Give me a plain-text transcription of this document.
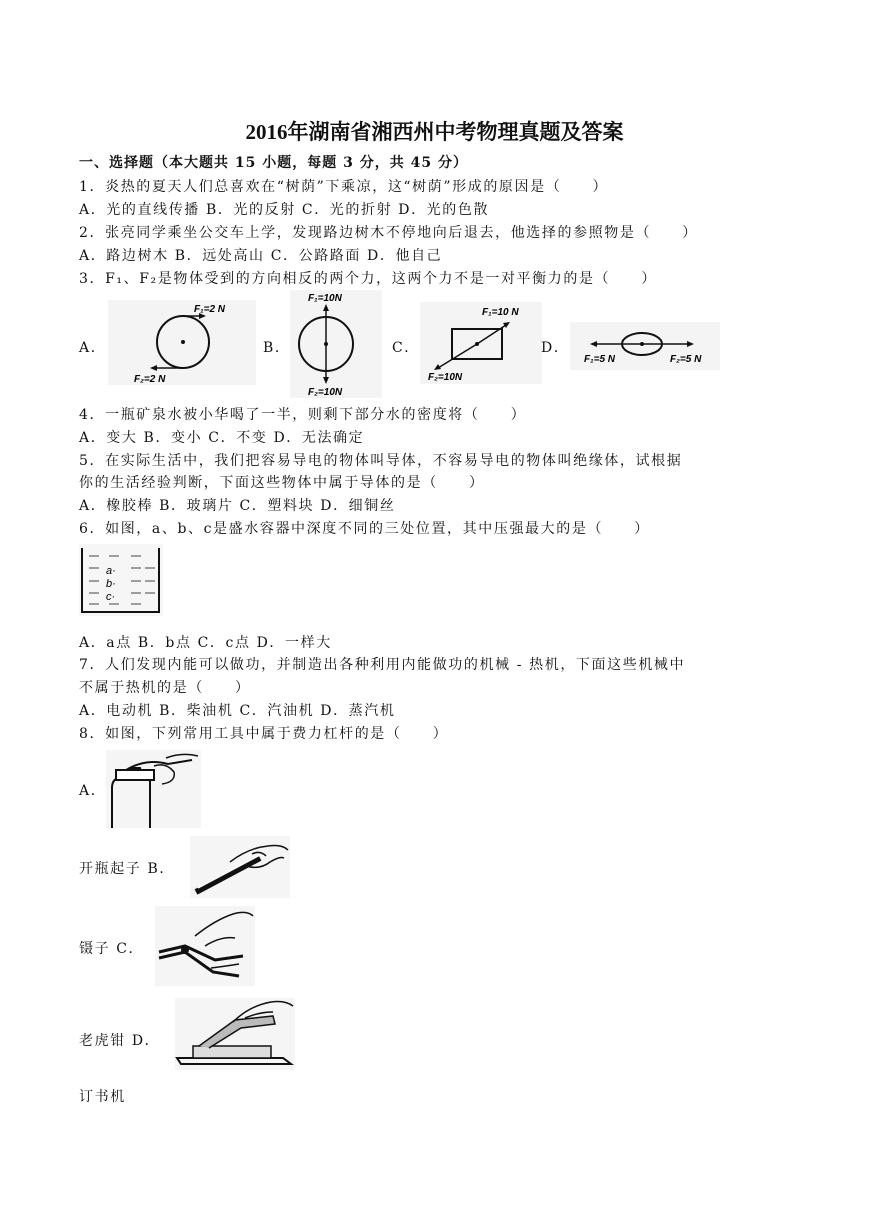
2016年湖南省湘西州中考物理真题及答案
一、选择题（本大题共 15 小题，每题 3 分，共 45 分）
1．炎热的夏天人们总喜欢在“树荫”下乘凉，这“树荫”形成的原因是（　　）
A．光的直线传播 B．光的反射 C．光的折射 D．光的色散
2．张亮同学乘坐公交车上学，发现路边树木不停地向后退去，他选择的参照物是（　　）
A．路边树木 B．远处高山 C．公路路面 D．他自己
3．F₁、F₂是物体受到的方向相反的两个力，这两个力不是一对平衡力的是（　　）
A．
F₁=2 N
F₂=2 N
B．
F₁=10N
F₂=10N
C．
F₁=10 N
F₂=10N
D．
F₁=5 N	F₂=5 N
4．一瓶矿泉水被小华喝了一半，则剩下部分水的密度将（　　）
A．变大 B．变小 C．不变 D．无法确定
5．在实际生活中，我们把容易导电的物体叫导体，不容易导电的物体叫绝缘体，试根据
你的生活经验判断，下面这些物体中属于导体的是（　　）
A．橡胶棒 B．玻璃片 C．塑料块 D．细铜丝
6．如图，a、b、c是盛水容器中深度不同的三处位置，其中压强最大的是（　　）
a·
b·
c·
A．a点 B．b点 C．c点 D．一样大
7．人们发现内能可以做功，并制造出各种利用内能做功的机械 - 热机，下面这些机械中
不属于热机的是（　　）
A．电动机 B．柴油机 C．汽油机 D．蒸汽机
8．如图，下列常用工具中属于费力杠杆的是（　　）
A．
开瓶起子 B．
镊子 C．
老虎钳 D．
订书机
